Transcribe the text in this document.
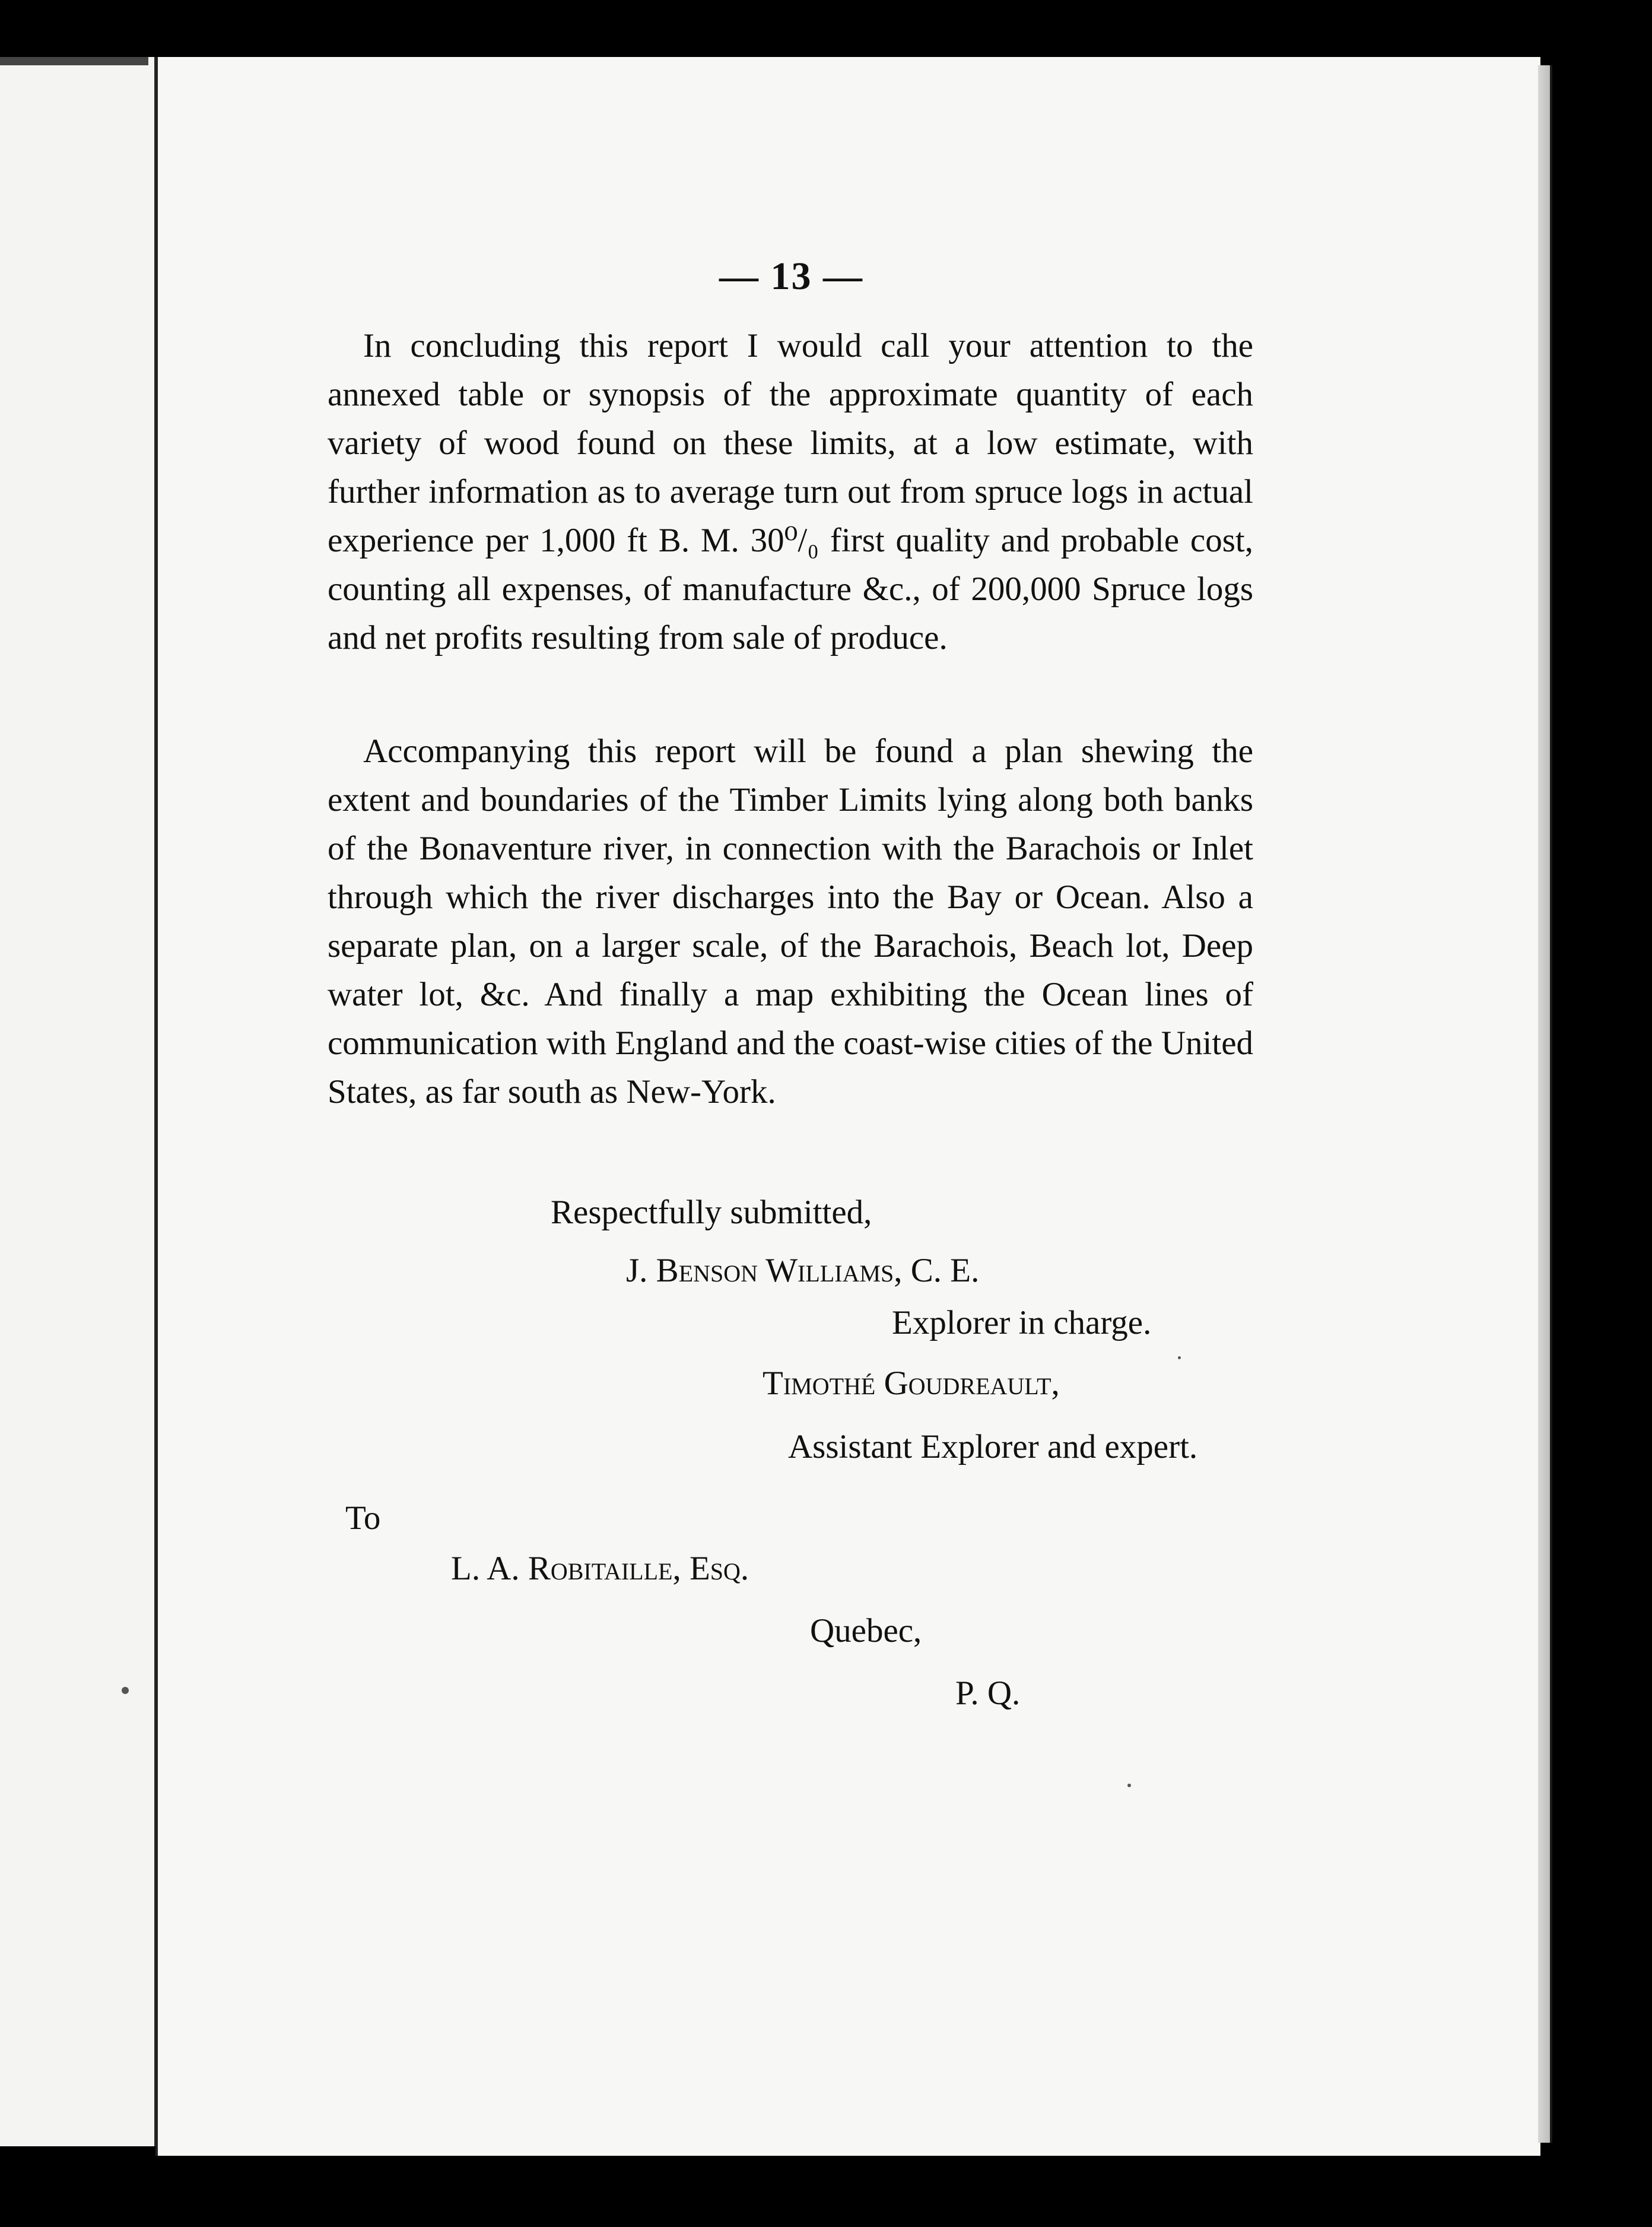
— 13 —

In concluding this report I would call your attention to the annexed table or synopsis of the approximate quantity of each variety of wood found on these limits, at a low estimate, with further information as to average turn out from spruce logs in actual experience per 1,000 ft B. M. 30⁰/₀ first quality and probable cost, counting all expenses, of manufacture &c., of 200,000 Spruce logs and net profits resulting from sale of produce.

Accompanying this report will be found a plan shewing the extent and boundaries of the Timber Limits lying along both banks of the Bonaventure river, in connection with the Barachois or Inlet through which the river discharges into the Bay or Ocean. Also a separate plan, on a larger scale, of the Barachois, Beach lot, Deep water lot, &c. And finally a map exhibiting the Ocean lines of communication with England and the coast-wise cities of the United States, as far south as New-York.

Respectfully submitted,
J. Benson Williams, C. E.
Explorer in charge.
Timothé Goudreault,
Assistant Explorer and expert.
To
L. A. Robitaille, Esq.
Quebec,
P. Q.
